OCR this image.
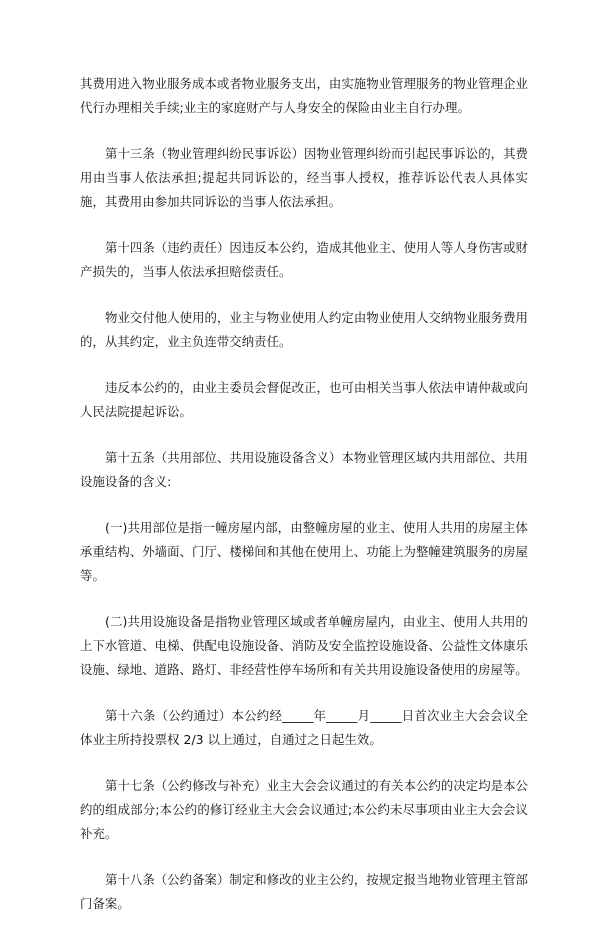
其费用进入物业服务成本或者物业服务支出，由实施物业管理服务的物业管理企业代行办理相关手续;业主的家庭财产与人身安全的保险由业主自行办理。

第十三条（物业管理纠纷民事诉讼）因物业管理纠纷而引起民事诉讼的，其费用由当事人依法承担;提起共同诉讼的，经当事人授权，推荐诉讼代表人具体实施，其费用由参加共同诉讼的当事人依法承担。

第十四条（违约责任）因违反本公约，造成其他业主、使用人等人身伤害或财产损失的，当事人依法承担赔偿责任。

物业交付他人使用的，业主与物业使用人约定由物业使用人交纳物业服务费用的，从其约定，业主负连带交纳责任。

违反本公约的，由业主委员会督促改正，也可由相关当事人依法申请仲裁或向人民法院提起诉讼。

第十五条（共用部位、共用设施设备含义）本物业管理区域内共用部位、共用设施设备的含义:

(一)共用部位是指一幢房屋内部，由整幢房屋的业主、使用人共用的房屋主体承重结构、外墙面、门厅、楼梯间和其他在使用上、功能上为整幢建筑服务的房屋等。

(二)共用设施设备是指物业管理区域或者单幢房屋内，由业主、使用人共用的上下水管道、电梯、供配电设施设备、消防及安全监控设施设备、公益性文体康乐设施、绿地、道路、路灯、非经营性停车场所和有关共用设施设备使用的房屋等。

第十六条（公约通过）本公约经_____年_____月_____日首次业主大会会议全体业主所持投票权 2/3 以上通过，自通过之日起生效。

第十七条（公约修改与补充）业主大会会议通过的有关本公约的决定均是本公约的组成部分;本公约的修订经业主大会会议通过;本公约未尽事项由业主大会会议补充。

第十八条（公约备案）制定和修改的业主公约，按规定报当地物业管理主管部门备案。
